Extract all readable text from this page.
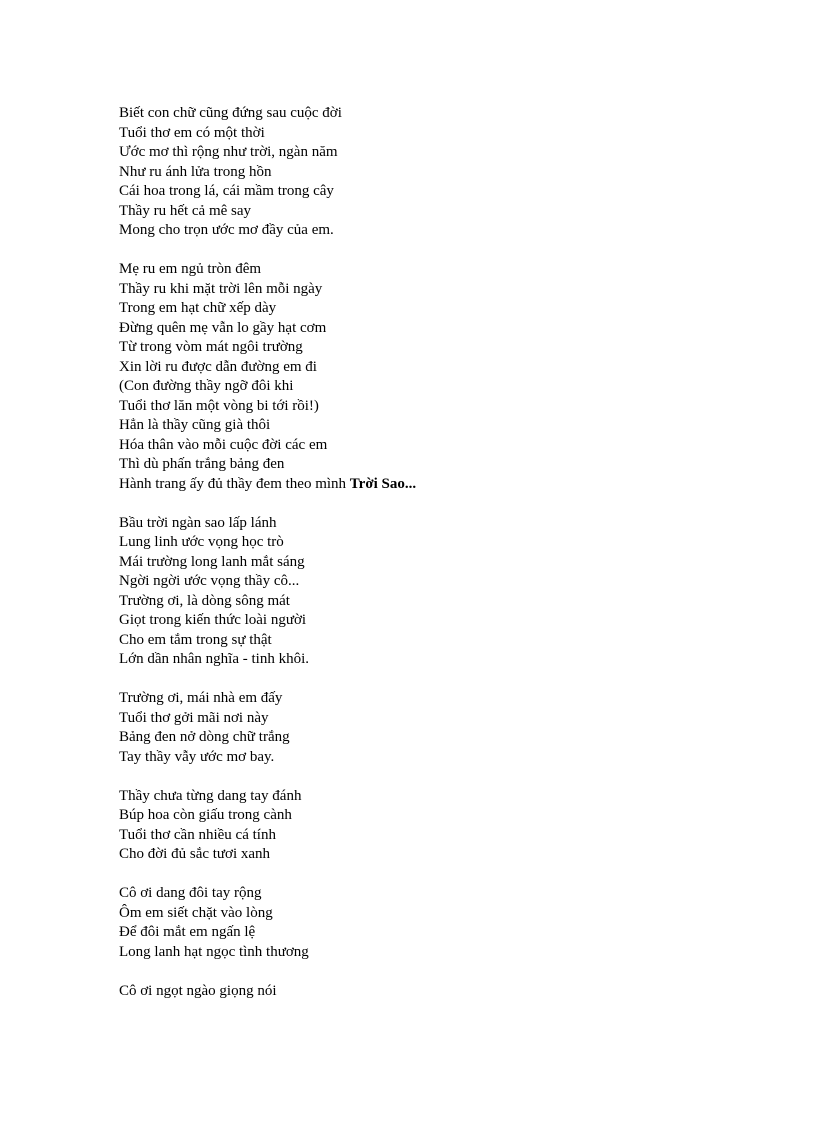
Biết con chữ cũng đứng sau cuộc đời
Tuổi thơ em có một thời
Ước mơ thì rộng như trời, ngàn năm
Như ru ánh lửa trong hồn
Cái hoa trong lá, cái mầm trong cây
Thầy ru hết cả mê say
Mong cho trọn ước mơ đầy của em.
Mẹ ru em ngủ tròn đêm
Thầy ru khi mặt trời lên mỗi ngày
Trong em hạt chữ xếp dày
Đừng quên mẹ vẫn lo gầy hạt cơm
Từ trong vòm mát ngôi trường
Xin lời ru được dẫn đường em đi
(Con đường thầy ngỡ đôi khi
Tuổi thơ lăn một vòng bi tới rồi!)
Hẳn là thầy cũng già thôi
Hóa thân vào mỗi cuộc đời các em
Thì dù phấn trắng bảng đen
Hành trang ấy đủ thầy đem theo mình Trời Sao...
Bầu trời ngàn sao lấp lánh
Lung linh ước vọng học trò
Mái trường long lanh mắt sáng
Ngời ngời ước vọng thầy cô...
Trường ơi, là dòng sông mát
Giọt trong kiến thức loài người
Cho em tắm trong sự thật
Lớn dần nhân nghĩa - tinh khôi.
Trường ơi, mái nhà em đấy
Tuổi thơ gởi mãi nơi này
Bảng đen nở dòng chữ trắng
Tay thầy vẫy ước mơ bay.
Thầy chưa từng dang tay đánh
Búp hoa còn giấu trong cành
Tuổi thơ cần nhiều cá tính
Cho đời đủ sắc tươi xanh
Cô ơi dang đôi tay rộng
Ôm em siết chặt vào lòng
Để đôi mắt em ngấn lệ
Long lanh hạt ngọc tình thương
Cô ơi ngọt ngào giọng nói
